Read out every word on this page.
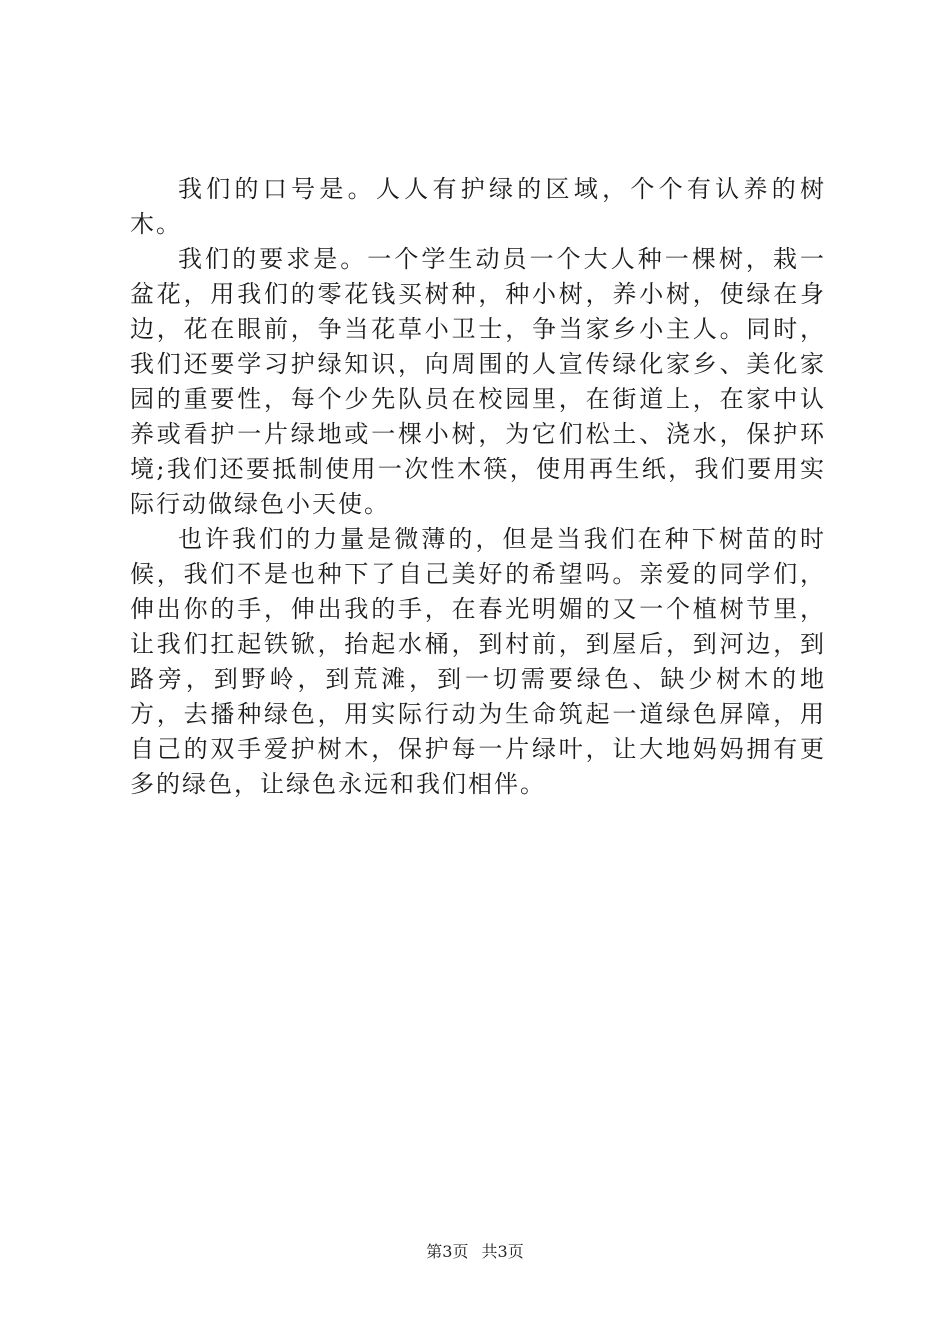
我们的口号是。人人有护绿的区域，个个有认养的树木。

我们的要求是。一个学生动员一个大人种一棵树，栽一盆花，用我们的零花钱买树种，种小树，养小树，使绿在身边，花在眼前，争当花草小卫士，争当家乡小主人。同时，我们还要学习护绿知识，向周围的人宣传绿化家乡、美化家园的重要性，每个少先队员在校园里，在街道上，在家中认养或看护一片绿地或一棵小树，为它们松土、浇水，保护环境;我们还要抵制使用一次性木筷，使用再生纸，我们要用实际行动做绿色小天使。

也许我们的力量是微薄的，但是当我们在种下树苗的时候，我们不是也种下了自己美好的希望吗。亲爱的同学们，伸出你的手，伸出我的手，在春光明媚的又一个植树节里，让我们扛起铁锨，抬起水桶，到村前，到屋后，到河边，到路旁，到野岭，到荒滩，到一切需要绿色、缺少树木的地方，去播种绿色，用实际行动为生命筑起一道绿色屏障，用自己的双手爱护树木，保护每一片绿叶，让大地妈妈拥有更多的绿色，让绿色永远和我们相伴。

第3页 共3页
